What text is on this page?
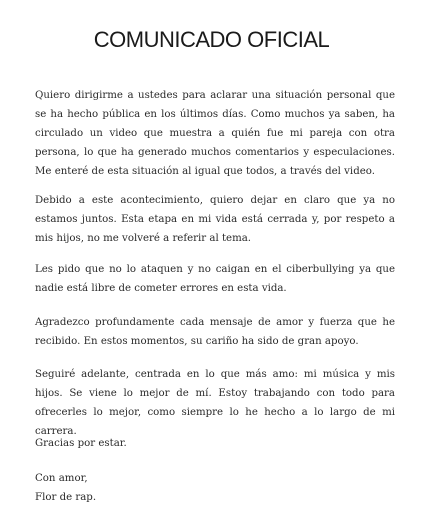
COMUNICADO OFICIAL

Quiero dirigirme a ustedes para aclarar una situación personal que se ha hecho pública en los últimos días. Como muchos ya saben, ha circulado un video que muestra a quién fue mi pareja con otra persona, lo que ha generado muchos comentarios y especulaciones. Me enteré de esta situación al igual que todos, a través del video.

Debido a este acontecimiento, quiero dejar en claro que ya no estamos juntos. Esta etapa en mi vida está cerrada y, por respeto a mis hijos, no me volveré a referir al tema.

Les pido que no lo ataquen y no caigan en el ciberbullying ya que nadie está libre de cometer errores en esta vida.

Agradezco profundamente cada mensaje de amor y fuerza que he recibido. En estos momentos, su cariño ha sido de gran apoyo.

Seguiré adelante, centrada en lo que más amo: mi música y mis hijos. Se viene lo mejor de mí. Estoy trabajando con todo para ofrecerles lo mejor, como siempre lo he hecho a lo largo de mi carrera.

Gracias por estar.

Con amor,
Flor de rap.
